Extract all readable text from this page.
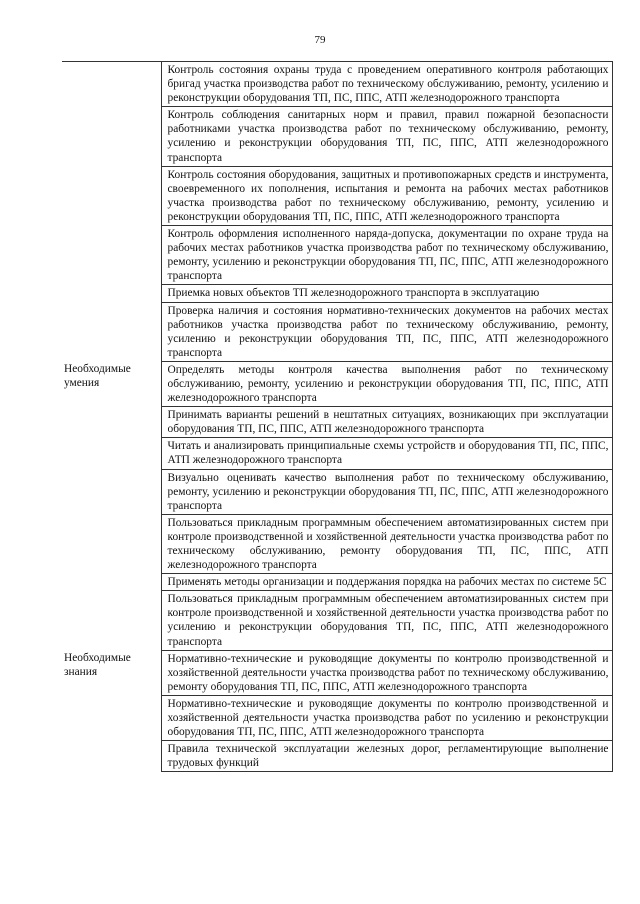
79
	Контроль состояния охраны труда с проведением оперативного контроля работающих бригад участка производства работ по техническому обслуживанию, ремонту, усилению и реконструкции оборудования ТП, ПС, ППС, АТП железнодорожного транспорта
	Контроль соблюдения санитарных норм и правил, правил пожарной безопасности работниками участка производства работ по техническому обслуживанию, ремонту, усилению и реконструкции оборудования ТП, ПС, ППС, АТП железнодорожного транспорта
	Контроль состояния оборудования, защитных и противопожарных средств и инструмента, своевременного их пополнения, испытания и ремонта на рабочих местах работников участка производства работ по техническому обслуживанию, ремонту, усилению и реконструкции оборудования ТП, ПС, ППС, АТП железнодорожного транспорта
	Контроль оформления исполненного наряда-допуска, документации по охране труда на рабочих местах работников участка производства работ по техническому обслуживанию, ремонту, усилению и реконструкции оборудования ТП, ПС, ППС, АТП железнодорожного транспорта
	Приемка новых объектов ТП железнодорожного транспорта в эксплуатацию
	Проверка наличия и состояния нормативно-технических документов на рабочих местах работников участка производства работ по техническому обслуживанию, ремонту, усилению и реконструкции оборудования ТП, ПС, ППС, АТП железнодорожного транспорта
Необходимые умения	Определять методы контроля качества выполнения работ по техническому обслуживанию, ремонту, усилению и реконструкции оборудования ТП, ПС, ППС, АТП железнодорожного транспорта
	Принимать варианты решений в нештатных ситуациях, возникающих при эксплуатации оборудования ТП, ПС, ППС, АТП железнодорожного транспорта
	Читать и анализировать принципиальные схемы устройств и оборудования ТП, ПС, ППС, АТП железнодорожного транспорта
	Визуально оценивать качество выполнения работ по техническому обслуживанию, ремонту, усилению и реконструкции оборудования ТП, ПС, ППС, АТП железнодорожного транспорта
	Пользоваться прикладным программным обеспечением автоматизированных систем при контроле производственной и хозяйственной деятельности участка производства работ по техническому обслуживанию, ремонту оборудования ТП, ПС, ППС, АТП железнодорожного транспорта
	Применять методы организации и поддержания порядка на рабочих местах по системе 5С
	Пользоваться прикладным программным обеспечением автоматизированных систем при контроле производственной и хозяйственной деятельности участка производства работ по усилению и реконструкции оборудования ТП, ПС, ППС, АТП железнодорожного транспорта
Необходимые знания	Нормативно-технические и руководящие документы по контролю производственной и хозяйственной деятельности участка производства работ по техническому обслуживанию, ремонту оборудования ТП, ПС, ППС, АТП железнодорожного транспорта
	Нормативно-технические и руководящие документы по контролю производственной и хозяйственной деятельности участка производства работ по усилению и реконструкции оборудования ТП, ПС, ППС, АТП железнодорожного транспорта
	Правила технической эксплуатации железных дорог, регламентирующие выполнение трудовых функций
